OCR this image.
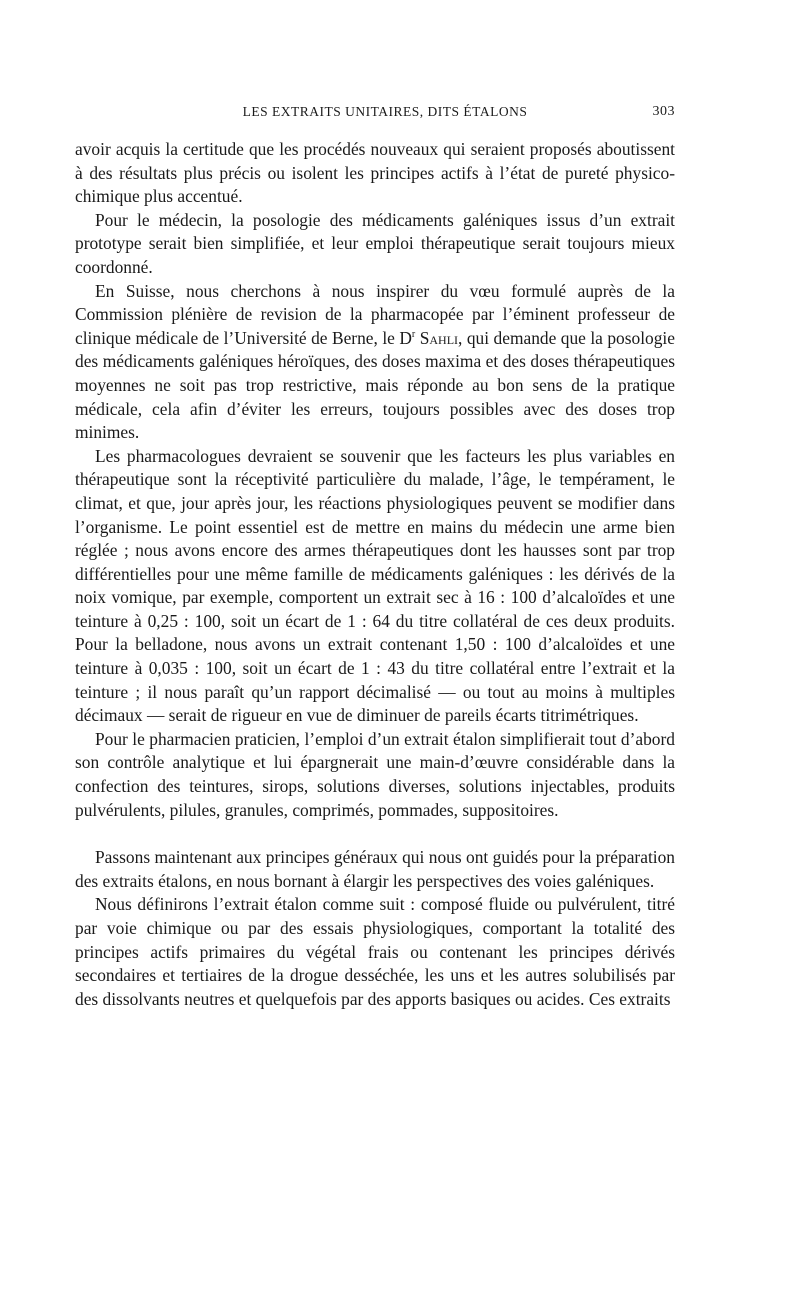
LES EXTRAITS UNITAIRES, DITS ÉTALONS	303

avoir acquis la certitude que les procédés nouveaux qui seraient proposés aboutissent à des résultats plus précis ou isolent les principes actifs à l’état de pureté physico-chimique plus accentué.

Pour le médecin, la posologie des médicaments galéniques issus d’un extrait prototype serait bien simplifiée, et leur emploi thérapeutique serait toujours mieux coordonné.

En Suisse, nous cherchons à nous inspirer du vœu formulé auprès de la Commission plénière de revision de la pharmacopée par l’éminent professeur de clinique médicale de l’Université de Berne, le $D^r$ Sahli, qui demande que la posologie des médicaments galéniques héroïques, des doses maxima et des doses thérapeutiques moyennes ne soit pas trop restrictive, mais réponde au bon sens de la pratique médicale, cela afin d’éviter les erreurs, toujours possibles avec des doses trop minimes.

Les pharmacologues devraient se souvenir que les facteurs les plus variables en thérapeutique sont la réceptivité particulière du malade, l’âge, le tempérament, le climat, et que, jour après jour, les réactions physiologiques peuvent se modifier dans l’organisme. Le point essentiel est de mettre en mains du médecin une arme bien réglée ; nous avons encore des armes thérapeutiques dont les hausses sont par trop différentielles pour une même famille de médicaments galéniques : les dérivés de la noix vomique, par exemple, comportent un extrait sec à 16 : 100 d’alcaloïdes et une teinture à 0,25 : 100, soit un écart de 1 : 64 du titre collatéral de ces deux produits. Pour la belladone, nous avons un extrait contenant 1,50 : 100 d’alcaloïdes et une teinture à 0,035 : 100, soit un écart de 1 : 43 du titre collatéral entre l’extrait et la teinture ; il nous paraît qu’un rapport décimalisé — ou tout au moins à multiples décimaux — serait de rigueur en vue de diminuer de pareils écarts titrimétriques.

Pour le pharmacien praticien, l’emploi d’un extrait étalon simplifierait tout d’abord son contrôle analytique et lui épargnerait une main-d’œuvre considérable dans la confection des teintures, sirops, solutions diverses, solutions injectables, produits pulvérulents, pilules, granules, comprimés, pommades, suppositoires.

Passons maintenant aux principes généraux qui nous ont guidés pour la préparation des extraits étalons, en nous bornant à élargir les perspectives des voies galéniques.

Nous définirons l’extrait étalon comme suit : composé fluide ou pulvérulent, titré par voie chimique ou par des essais physiologiques, comportant la totalité des principes actifs primaires du végétal frais ou contenant les principes dérivés secondaires et tertiaires de la drogue desséchée, les uns et les autres solubilisés par des dissolvants neutres et quelquefois par des apports basiques ou acides. Ces extraits
